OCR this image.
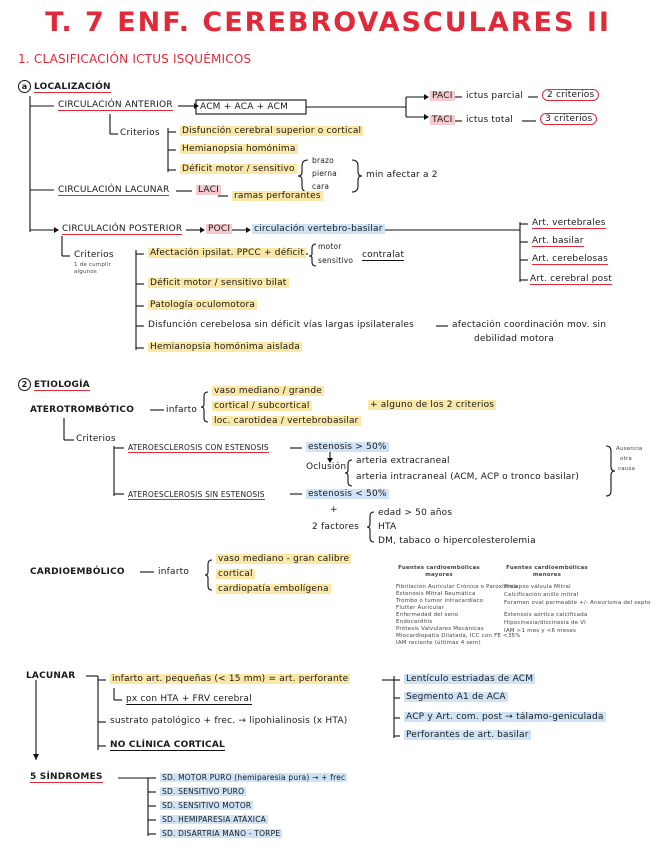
T. 7 ENF. CEREBROVASCULARES II
1. CLASIFICACIÓN ICTUS ISQUÉMICOS
a LOCALIZACIÓN
CIRCULACIÓN ANTERIOR	ACM + ACA + ACM
PACI ictus parcial	2 criterios
TACI ictus total	3 criterios
Criterios Disfunción cerebral superior o cortical
Hemianopsia homónima
Déficit motor / sensitivo
brazo
pierna
cara
min afectar a 2
CIRCULACIÓN LACUNAR	LACI
ramas perforantes
CIRCULACIÓN POSTERIOR	POCI	circulación vertebro-basilar
Art. vertebrales
Art. basilar
Art. cerebelosas
Art. cerebral post
Criterios
1 de cumplir algunos
Afectación ipsilat. PPCC + déficit
motor
sensitivo
contralat
Déficit motor / sensitivo bilat
Patología oculomotora
Disfunción cerebelosa sin déficit vías largas ipsilaterales	afectación coordinación mov. sin
debilidad motora
Hemianopsia homónima aislada
2 ETIOLOGÍA
ATEROTROMBÓTICO	infarto
vaso mediano / grande
cortical / subcortical
loc. carotidea / vertebrobasilar
+ alguno de los 2 criterios
Criterios
ATEROESCLEROSIS CON ESTENOSIS	estenosis > 50%
Oclusión
arteria extracraneal
arteria intracraneal (ACM, ACP o tronco basilar)
Ausencia
otra
causa
ATEROESCLEROSIS SIN ESTENOSIS	estenosis < 50%
+
2 factores
edad > 50 años
HTA
DM, tabaco o hipercolesterolemia
CARDIOEMBÓLICO	infarto
vaso mediano - gran calibre
cortical
cardiopatía embolígena
Fuentes cardioembólicas mayores
Fuentes cardioembólicas menores
Fibrilación Auricular Crónica o Paroxística
Estenosis Mitral Reumática
Trombo o tumor intracardíaco
Flutter Auricular
Enfermedad del seno
Endocarditis
Prótesis Valvulares Mecánicas
Miocardiopatía Dilatada, ICC con FE <35%
IAM reciente (últimas 4 sem)
Prolapso válvula Mitral
Calcificación anillo mitral
Foramen oval permeable +/- Aneurisma del septo
Estenosis aórtica calcificada
Hipocinesia/discinesia de VI
IAM >1 mes y <6 meses
LACUNAR	infarto art. pequeñas (< 15 mm) = art. perforante
px con HTA + FRV cerebral
sustrato patológico + frec. → lipohialinosis (x HTA)
NO CLÍNICA CORTICAL
Lentículo estriadas de ACM
Segmento A1 de ACA
ACP y Art. com. post → tálamo-geniculada
Perforantes de art. basilar
5 SÍNDROMES	SD. MOTOR PURO (hemiparesia pura) → + frec
SD. SENSITIVO PURO
SD. SENSITIVO MOTOR
SD. HEMIPARESIA ATÁXICA
SD. DISARTRIA MANO - TORPE
